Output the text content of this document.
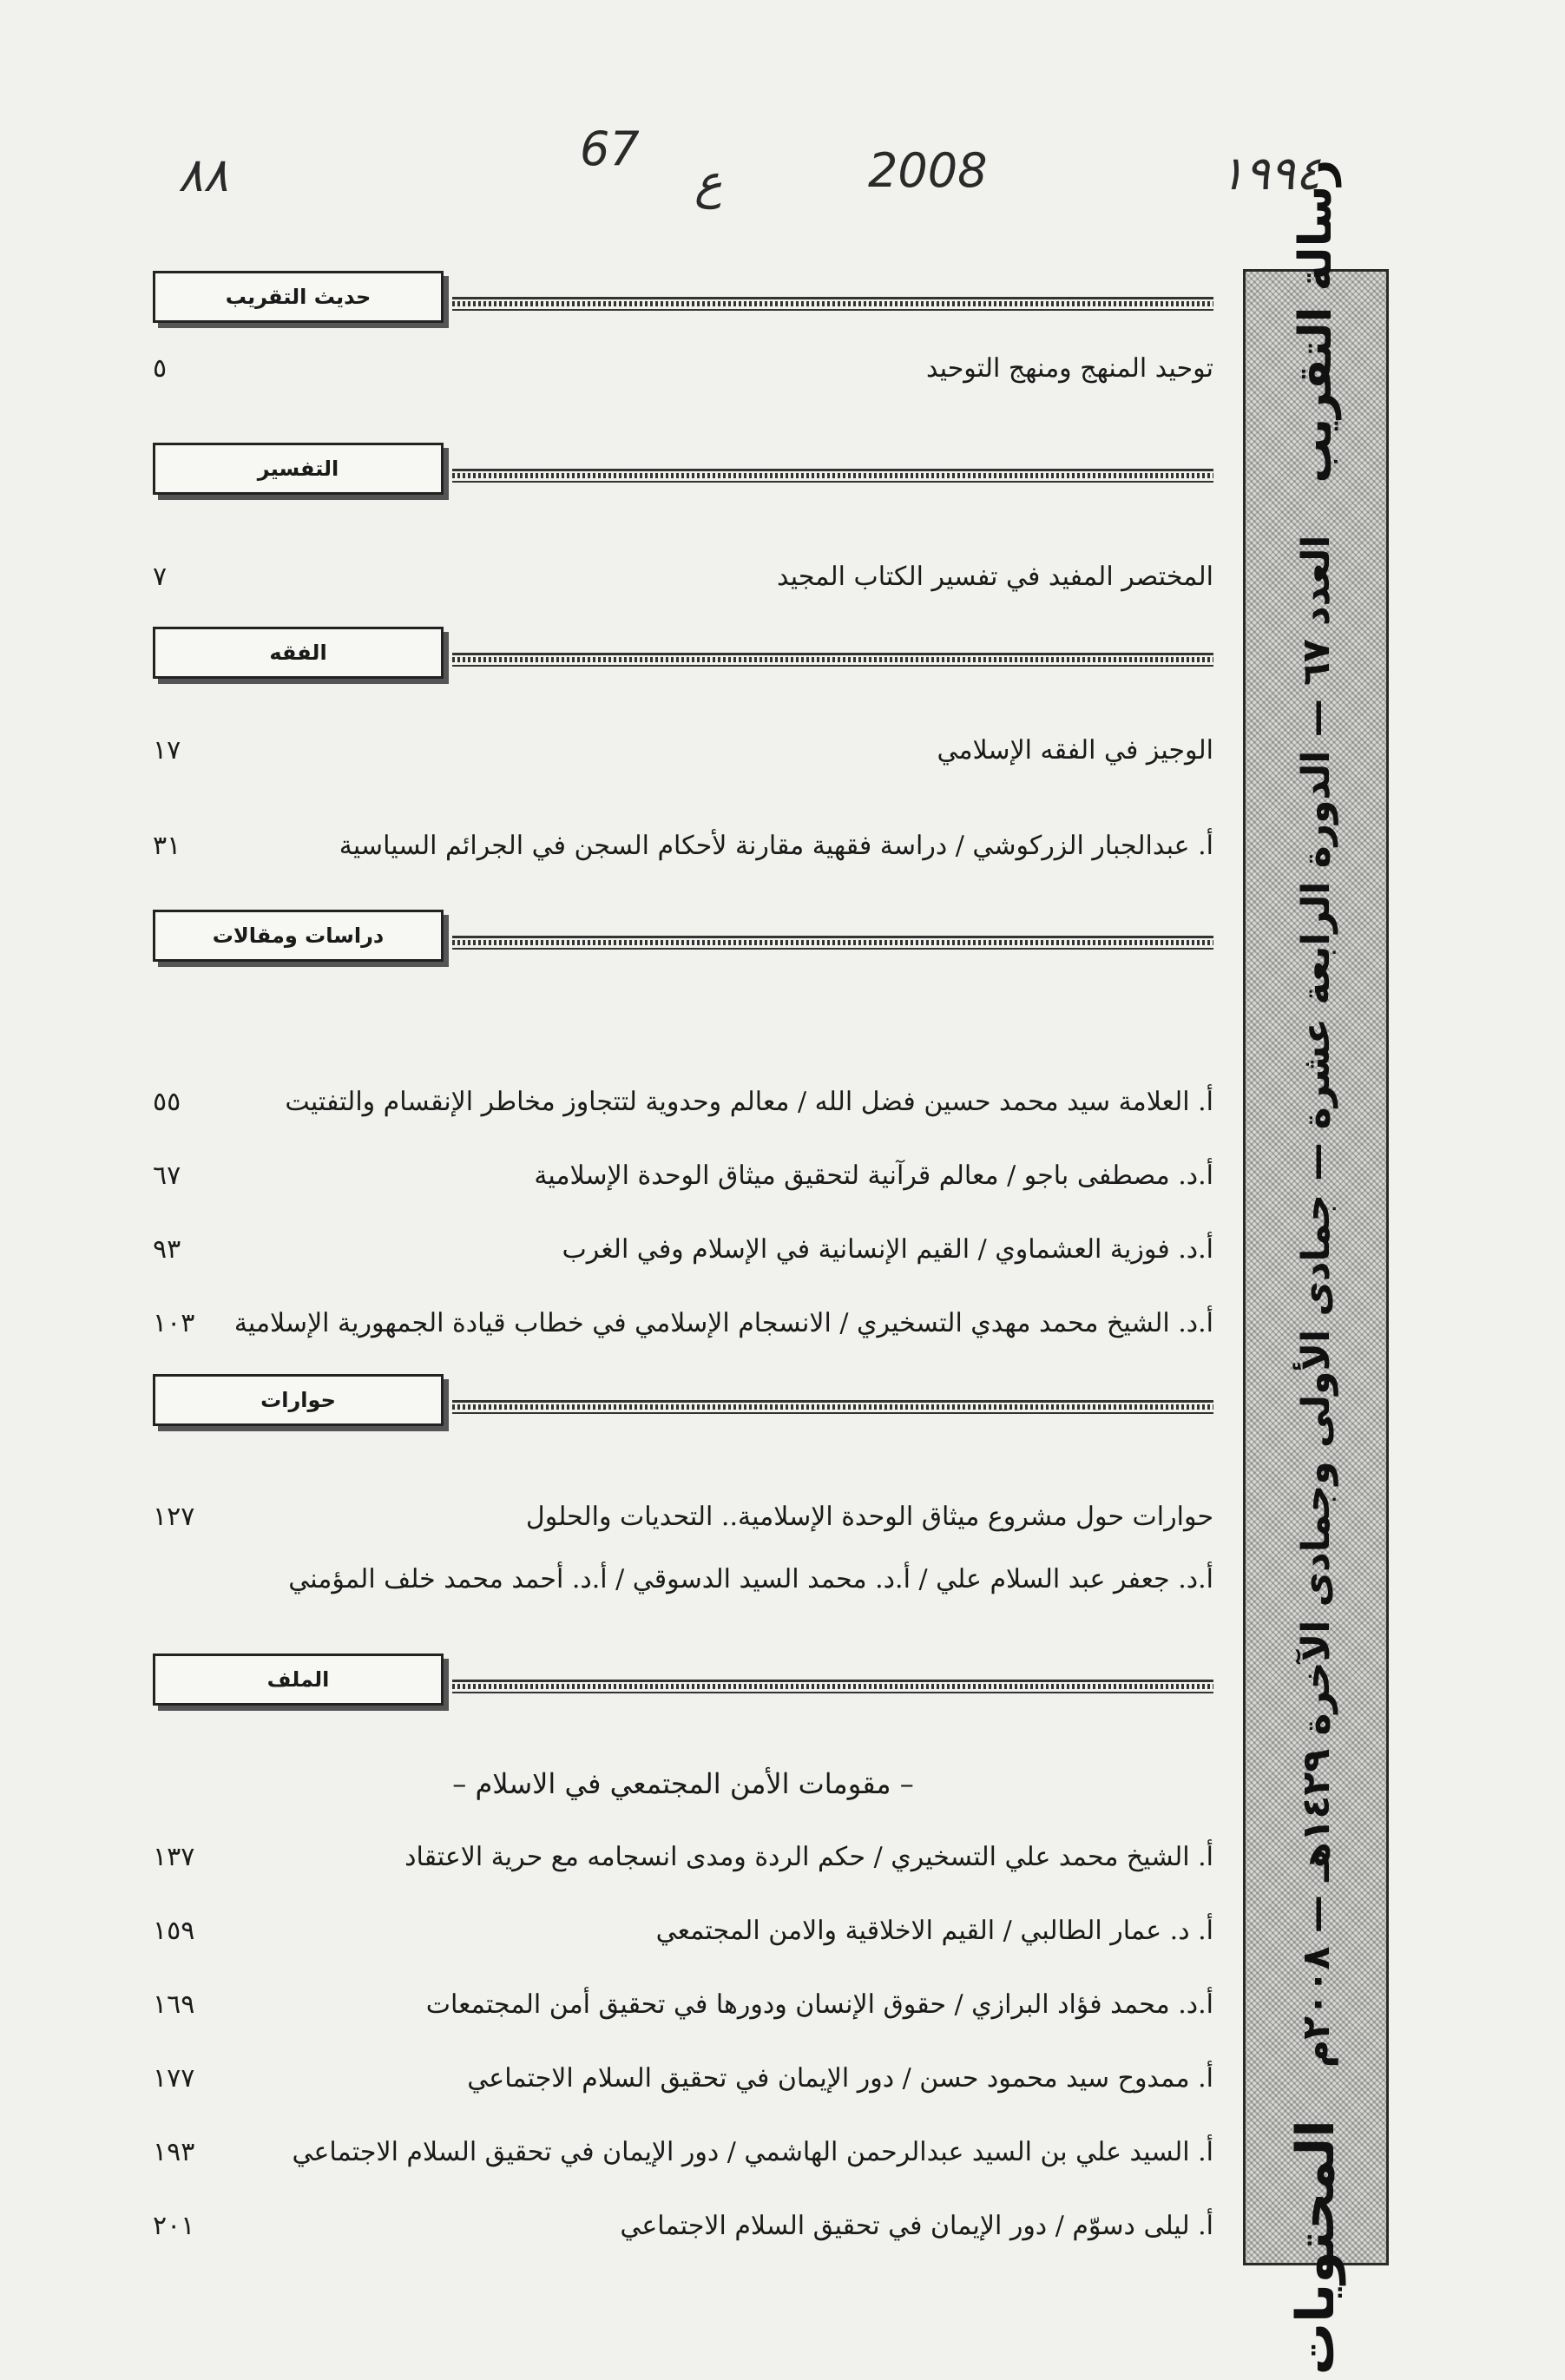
٨٨	67
ع	2008	١٩٩٤
رسالة التقريب
العدد ٦٧ — الدورة الرابعة عشرة — جمادى الأولى وجمادى الآخرة ١٤٢٩هـ — ٢٠٠٨م
المحتويات
حديث التقريب
توحيد المنهج ومنهج التوحيد
٥
التفسير
المختصر المفيد في تفسير الكتاب المجيد
٧
الفقه
الوجيز في الفقه الإسلامي
١٧
أ. عبدالجبار الزركوشي / دراسة فقهية مقارنة لأحكام السجن في الجرائم السياسية
٣١
دراسات ومقالات
أ. العلامة سيد محمد حسين فضل الله / معالم وحدوية لتتجاوز مخاطر الإنقسام والتفتيت
٥٥
أ.د. مصطفى باجو / معالم قرآنية لتحقيق ميثاق الوحدة الإسلامية
٦٧
أ.د. فوزية العشماوي / القيم الإنسانية في الإسلام وفي الغرب
٩٣
أ.د. الشيخ محمد مهدي التسخيري / الانسجام الإسلامي في خطاب قيادة الجمهورية الإسلامية
١٠٣
حوارات
حوارات حول مشروع ميثاق الوحدة الإسلامية.. التحديات والحلول
١٢٧
أ.د. جعفر عبد السلام علي / أ.د. محمد السيد الدسوقي / أ.د. أحمد محمد خلف المؤمني
الملف
– مقومات الأمن المجتمعي في الاسلام –
أ. الشيخ محمد علي التسخيري / حكم الردة ومدى انسجامه مع حرية الاعتقاد
١٣٧
أ. د. عمار الطالبي / القيم الاخلاقية والامن المجتمعي
١٥٩
أ.د. محمد فؤاد البرازي / حقوق الإنسان ودورها في تحقيق أمن المجتمعات
١٦٩
أ. ممدوح سيد محمود حسن / دور الإيمان في تحقيق السلام الاجتماعي
١٧٧
أ. السيد علي بن السيد عبدالرحمن الهاشمي / دور الإيمان في تحقيق السلام الاجتماعي
١٩٣
أ. ليلى دسوّم / دور الإيمان في تحقيق السلام الاجتماعي
٢٠١
